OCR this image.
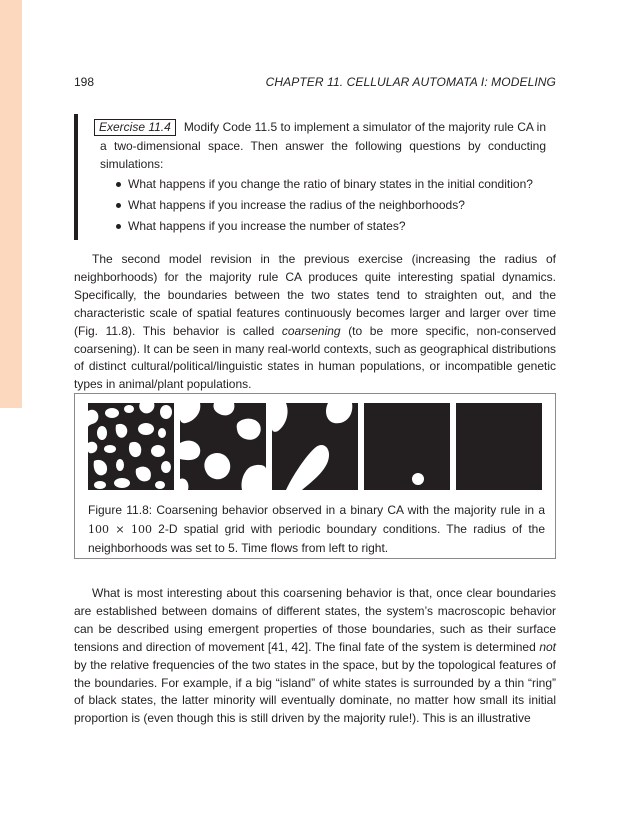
198	CHAPTER 11. CELLULAR AUTOMATA I: MODELING
Exercise 11.4 Modify Code 11.5 to implement a simulator of the majority rule CA in a two-dimensional space. Then answer the following questions by conducting simulations:
What happens if you change the ratio of binary states in the initial condition?
What happens if you increase the radius of the neighborhoods?
What happens if you increase the number of states?

The second model revision in the previous exercise (increasing the radius of neighborhoods) for the majority rule CA produces quite interesting spatial dynamics. Specifically, the boundaries between the two states tend to straighten out, and the characteristic scale of spatial features continuously becomes larger and larger over time (Fig. 11.8). This behavior is called coarsening (to be more specific, non-conserved coarsening). It can be seen in many real-world contexts, such as geographical distributions of distinct cultural/political/linguistic states in human populations, or incompatible genetic types in animal/plant populations.

Figure 11.8: Coarsening behavior observed in a binary CA with the majority rule in a 100 × 100 2-D spatial grid with periodic boundary conditions. The radius of the neighborhoods was set to 5. Time flows from left to right.

What is most interesting about this coarsening behavior is that, once clear boundaries are established between domains of different states, the system’s macroscopic behavior can be described using emergent properties of those boundaries, such as their surface tensions and direction of movement [41, 42]. The final fate of the system is determined not by the relative frequencies of the two states in the space, but by the topological features of the boundaries. For example, if a big “island” of white states is surrounded by a thin “ring” of black states, the latter minority will eventually dominate, no matter how small its initial proportion is (even though this is still driven by the majority rule!). This is an illustrative
